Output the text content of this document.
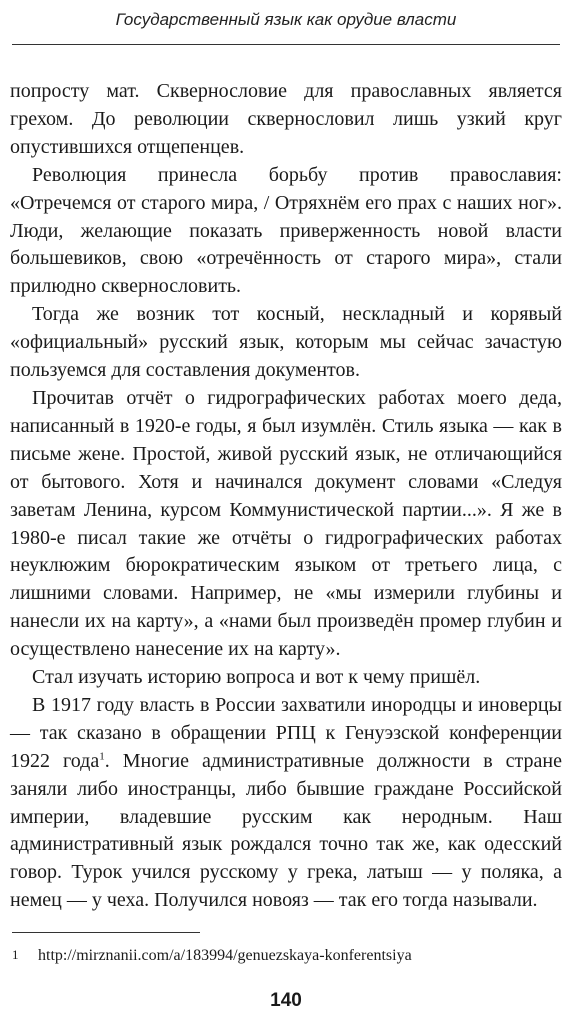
Государственный язык как орудие власти

попросту мат. Сквернословие для православных является грехом. До революции сквернословил лишь узкий круг опустившихся отщепенцев.

Революция принесла борьбу против православия: «Отречемся от старого мира, / Отряхнём его прах с наших ног». Люди, желающие показать приверженность новой власти большевиков, свою «отречённость от старого мира», стали прилюдно сквернословить.

Тогда же возник тот косный, нескладный и корявый «официальный» русский язык, которым мы сейчас зачастую пользуемся для составления документов.

Прочитав отчёт о гидрографических работах моего деда, написанный в 1920-е годы, я был изумлён. Стиль языка — как в письме жене. Простой, живой русский язык, не отличающийся от бытового. Хотя и начинался документ словами «Следуя заветам Ленина, курсом Коммунистической партии...». Я же в 1980-е писал такие же отчёты о гидрографических работах неуклюжим бюрократическим языком от третьего лица, с лишними словами. Например, не «мы измерили глубины и нанесли их на карту», а «нами был произведён промер глубин и осуществлено нанесение их на карту».

Стал изучать историю вопроса и вот к чему пришёл.

В 1917 году власть в России захватили инородцы и иноверцы — так сказано в обращении РПЦ к Генуэзской конференции 1922 года$^1$. Многие административные должности в стране заняли либо иностранцы, либо бывшие граждане Российской империи, владевшие русским как неродным. Наш административный язык рождался точно так же, как одесский говор. Турок учился русскому у грека, латыш — у поляка, а немец — у чеха. Получился новояз — так его тогда называли.

1 http://mirznanii.com/a/183994/genuezskaya-konferentsiya
140
